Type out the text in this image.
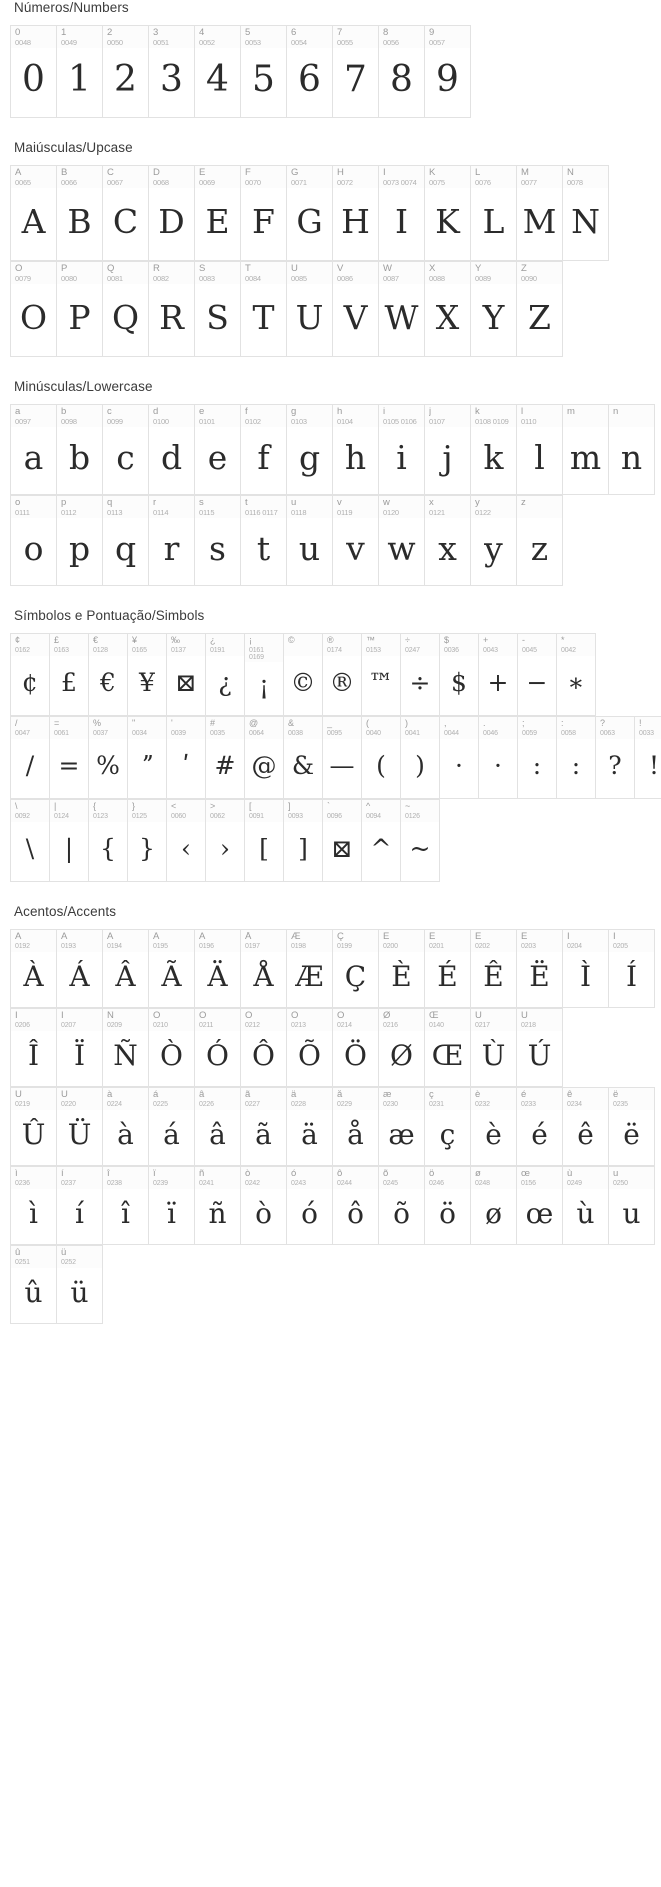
Números/Numbers
0
0048
0
1
0049
1
2
0050
2
3
0051
3
4
0052
4
5
0053
5
6
0054
6
7
0055
7
8
0056
8
9
0057
9
Maiúsculas/Upcase
A
0065
A
B
0066
B
C
0067
C
D
0068
D
E
0069
E
F
0070
F
G
0071
G
H
0072
H
I
0073 0074
I
K
0075
K
L
0076
L
M
0077
M
N
0078
N
O
0079
O
P
0080
P
Q
0081
Q
R
0082
R
S
0083
S
T
0084
T
U
0085
U
V
0086
V
W
0087
W
X
0088
X
Y
0089
Y
Z
0090
Z
Minúsculas/Lowercase
a
0097
a
b
0098
b
c
0099
c
d
0100
d
e
0101
e
f
0102
f
g
0103
g
h
0104
h
i
0105 0106
i
j
0107
j
k
0108 0109
k
l
0110
l
m
m
n
n
o
0111
o
p
0112
p
q
0113
q
r
0114
r
s
0115
s
t
0116 0117
t
u
0118
u
v
0119
v
w
0120
w
x
0121
x
y
0122
y
z
z
Símbolos e Pontuação/Simbols
¢
0162
¢
£
0163
£
€
0128
€
¥
0165
¥
‰
0137
⊠
¿
0191
¿
¡
0161 0169
¡
©
©
®
0174
®
™
0153
™
÷
0247
÷
$
0036
$
+
0043
+
-
0045
−
*
0042
∗
/
0047
/
=
0061
=
%
0037
%
"
0034
ˮ
'
0039
ʹ
#
0035
#
@
0064
@
&
0038
&
_
0095
—
(
0040
(
)
0041
)
,
0044
·
.
0046
·
;
0059
:
:
0058
:
?
0063
?
!
0033
!
\
0092
\
|
0124
|
{
0123
{
}
0125
}
<
0060
‹
>
0062
›
[
0091
[
]
0093
]
`
0096
⊠
^
0094
^
~
0126
~
Acentos/Accents
À
0192
À
Á
0193
Á
Â
0194
Â
Ã
0195
Ã
Ä
0196
Ä
Å
0197
Å
Æ
0198
Æ
Ç
0199
Ç
È
0200
È
É
0201
É
Ê
0202
Ê
Ë
0203
Ë
Ì
0204
Ì
Í
0205
Í
Î
0206
Î
Ï
0207
Ï
Ñ
0209
Ñ
Ò
0210
Ò
Ó
0211
Ó
Ô
0212
Ô
Õ
0213
Õ
Ö
0214
Ö
Ø
0216
Ø
Œ
0140
Œ
Ù
0217
Ù
Ú
0218
Ú
Û
0219
Û
Ü
0220
Ü
à
0224
à
á
0225
á
â
0226
â
ã
0227
ã
ä
0228
ä
å
0229
å
æ
0230
æ
ç
0231
ç
è
0232
è
é
0233
é
ê
0234
ê
ë
0235
ë
ì
0236
ì
í
0237
í
î
0238
î
ï
0239
ï
ñ
0241
ñ
ò
0242
ò
ó
0243
ó
ô
0244
ô
õ
0245
õ
ö
0246
ö
ø
0248
ø
œ
0156
œ
ù
0249
ù
u
0250
u
û
0251
û
ü
0252
ü
